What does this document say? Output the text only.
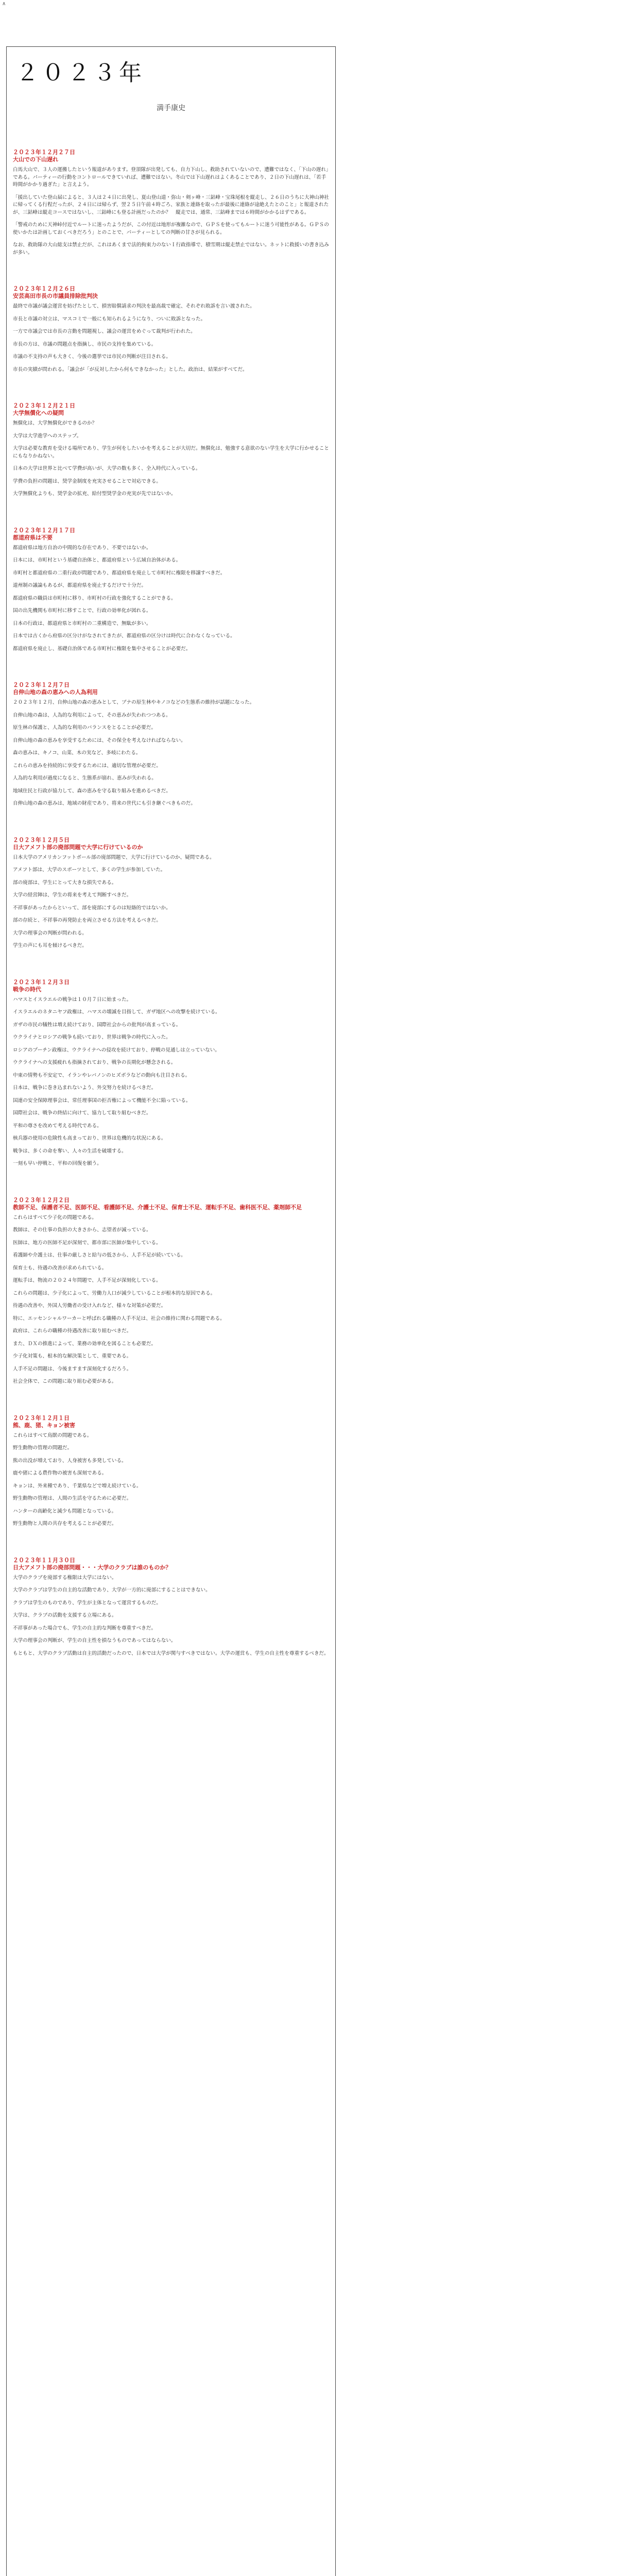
∧
２０２３年
満手康史
２０２３年１２月２７日
大山での下山遅れ

白馬大山で、３人の運搬したという報道があります。登頂隊が出発しても、自力下山し、救助されていないので、遭難ではなく、「下山の遅れ」である。パーティーの行動をコントロールできていれば、遭難ではない。冬山では下山遅れはよくあることであり、２日の下山遅れは、「若手時間がかかり過ぎた」と言えよう。

「援出していた登山届によると、３人は２４日に出発し、夏山登山道・弥山・剣ヶ峰・三鈷峰・宝珠尾根を縦走し、２６日のうちに大神山神社に帰ってくる行程だったが、２４日には帰らず、翌２５日午前４時ごろ、家族と連絡を取ったが最後に連絡が途絶えたとのこと」と報道されたが、三鈷峰は縦走コースではないし、三鈷峰にも登る計画だったのか？　縦走では、通常、三鈷峰までは６時間がかかるはずである。

「警戒のために天神峠付近でルートに迷ったようだが、この付近は地形が複雑なので、ＧＰＳを使ってもルートに迷う可能性がある。ＧＰＳの使いかたは計画しておくべきだろう」とのことで、パーティーとしての判断の甘さが見られる。

なお、救助隊の大山総支は禁止だが、これはあくまで法的拘束力のないＩ行政指導で、積雪期は縦走禁止ではない。ネットに救援いの書き込みが多い。

２０２３年１２月２６日
安芸高田市長の市議員排除批判決

最終で市議が議会運営を妨げたとして、損害賠償請求の判決を最高裁で確定、それぞれ敗訴を言い渡された。

市長と市議の対立は、マスコミで一般にも知られるようになり、ついに敗訴となった。

一方で市議会では市長の言動を問題視し、議会の運営をめぐって裁判が行われた。

市長の方は、市議の問題点を指摘し、市民の支持を集めている。

市議の不支持の声も大きく、今後の選挙では市民の判断が注目される。

市長の実績が問われる。「議会が「が反対したから何もできなかった」とした。政治は、結果がすべてだ。

２０２３年１２月２１日
大学無償化への疑問

無償化は、大学無償化ができるのか？

大学は大学進学へのステップ。

大学は必要な教育を受ける場所であり、学生が何をしたいかを考えることが大切だ。無償化は、勉強する意欲のない学生を大学に行かせることにもなりかねない。

日本の大学は世界と比べて学費が高いが、大学の数も多く、全入時代に入っている。

学費の負担の問題は、奨学金制度を充実させることで対応できる。

大学無償化よりも、奨学金の拡充、給付型奨学金の充実が先ではないか。

２０２３年１２月１７日
都道府県は不要

都道府県は地方自治の中間的な存在であり、不要ではないか。

日本には、市町村という基礎自治体と、都道府県という広域自治体がある。

市町村と都道府県の二重行政が問題であり、都道府県を廃止して市町村に権限を移譲すべきだ。

道州制の議論もあるが、都道府県を廃止するだけで十分だ。

都道府県の職員は市町村に移り、市町村の行政を強化することができる。

国の出先機関も市町村に移すことで、行政の効率化が図れる。

日本の行政は、都道府県と市町村の二重構造で、無駄が多い。

日本では古くから府県の区分けがなされてきたが、都道府県の区分けは時代に合わなくなっている。

都道府県を廃止し、基礎自治体である市町村に権限を集中させることが必要だ。

２０２３年１２月７日
自伸山地の森の恵みへの人為利用

２０２３年１２月、自伸山地の森の恵みとして、ブナの原生林やキノコなどの生態系の維持が話題になった。

自伸山地の森は、人為的な利用によって、その恵みが失われつつある。

原生林の保護と、人為的な利用のバランスをとることが必要だ。

自伸山地の森の恵みを享受するためには、その保全を考えなければならない。

森の恵みは、キノコ、山菜、木の実など、多岐にわたる。

これらの恵みを持続的に享受するためには、適切な管理が必要だ。

人為的な利用が過度になると、生態系が崩れ、恵みが失われる。

地域住民と行政が協力して、森の恵みを守る取り組みを進めるべきだ。

自伸山地の森の恵みは、地域の財産であり、将来の世代にも引き継ぐべきものだ。

２０２３年１２月５日
日大アメフト部の廃部問題で大学に行けているのか

日本大学のアメリカンフットボール部の廃部問題で、大学に行けているのか、疑問である。

アメフト部は、大学のスポーツとして、多くの学生が参加していた。

部の廃部は、学生にとって大きな損失である。

大学の経営陣は、学生の将来を考えて判断すべきだ。

不祥事があったからといって、部を廃部にするのは短絡的ではないか。

部の存続と、不祥事の再発防止を両立させる方法を考えるべきだ。

大学の理事会の判断が問われる。

学生の声にも耳を傾けるべきだ。

２０２３年１２月３日
戦争の時代

ハマスとイスラエルの戦争は１０月７日に始まった。

イスラエルのネタニヤフ政権は、ハマスの壊滅を目指して、ガザ地区への攻撃を続けている。

ガザの市民の犠牲は増え続けており、国際社会からの批判が高まっている。

ウクライナとロシアの戦争も続いており、世界は戦争の時代に入った。

ロシアのプーチン政権は、ウクライナへの侵攻を続けており、停戦の見通しは立っていない。

ウクライナへの支援疲れも指摘されており、戦争の長期化が懸念される。

中東の情勢も不安定で、イランやレバノンのヒズボラなどの動向も注目される。

日本は、戦争に巻き込まれないよう、外交努力を続けるべきだ。

国連の安全保障理事会は、常任理事国の拒否権によって機能不全に陥っている。

国際社会は、戦争の終結に向けて、協力して取り組むべきだ。

平和の尊さを改めて考える時代である。

核兵器の使用の危険性も高まっており、世界は危機的な状況にある。

戦争は、多くの命を奪い、人々の生活を破壊する。

一刻も早い停戦と、平和の回復を願う。

２０２３年１２月２日
教師不足、保護者不足、医師不足、看護師不足、介護士不足、保育士不足、運転手不足、歯科医不足、薬剤師不足

これらはすべて少子化の問題である。

教師は、その仕事の負担の大きさから、志望者が減っている。

医師は、地方の医師不足が深刻で、都市部に医師が集中している。

看護師や介護士は、仕事の厳しさと給与の低さから、人手不足が続いている。

保育士も、待遇の改善が求められている。

運転手は、物流の２０２４年問題で、人手不足が深刻化している。

これらの問題は、少子化によって、労働力人口が減少していることが根本的な原因である。

待遇の改善や、外国人労働者の受け入れなど、様々な対策が必要だ。

特に、エッセンシャルワーカーと呼ばれる職種の人手不足は、社会の維持に関わる問題である。

政府は、これらの職種の待遇改善に取り組むべきだ。

また、ＤＸの推進によって、業務の効率化を図ることも必要だ。

少子化対策も、根本的な解決策として、重要である。

人手不足の問題は、今後ますます深刻化するだろう。

社会全体で、この問題に取り組む必要がある。

２０２３年１２月１日
熊、鹿、猪、キョン被害

これらはすべて鳥獣の問題である。

野生動物の管理の問題だ。

熊の出没が増えており、人身被害も多発している。

鹿や猪による農作物の被害も深刻である。

キョンは、外来種であり、千葉県などで増え続けている。

野生動物の管理は、人間の生活を守るために必要だ。

ハンターの高齢化と減少も問題となっている。

野生動物と人間の共存を考えることが必要だ。

２０２３年１１月３０日
日大アメフト部の廃部問題・・・大学のクラブは誰のものか？

大学のクラブを廃部する権限は大学にはない。

大学のクラブは学生の自主的な活動であり、大学が一方的に廃部にすることはできない。

クラブは学生のものであり、学生が主体となって運営するものだ。

大学は、クラブの活動を支援する立場にある。

不祥事があった場合でも、学生の自主的な判断を尊重すべきだ。

大学の理事会の判断が、学生の自主性を損なうものであってはならない。

もともと、大学のクラブ活動は自主的活動だったので、日本では大学が関与すべきではない。大学の運営も、学生の自主性を尊重するべきだ。
